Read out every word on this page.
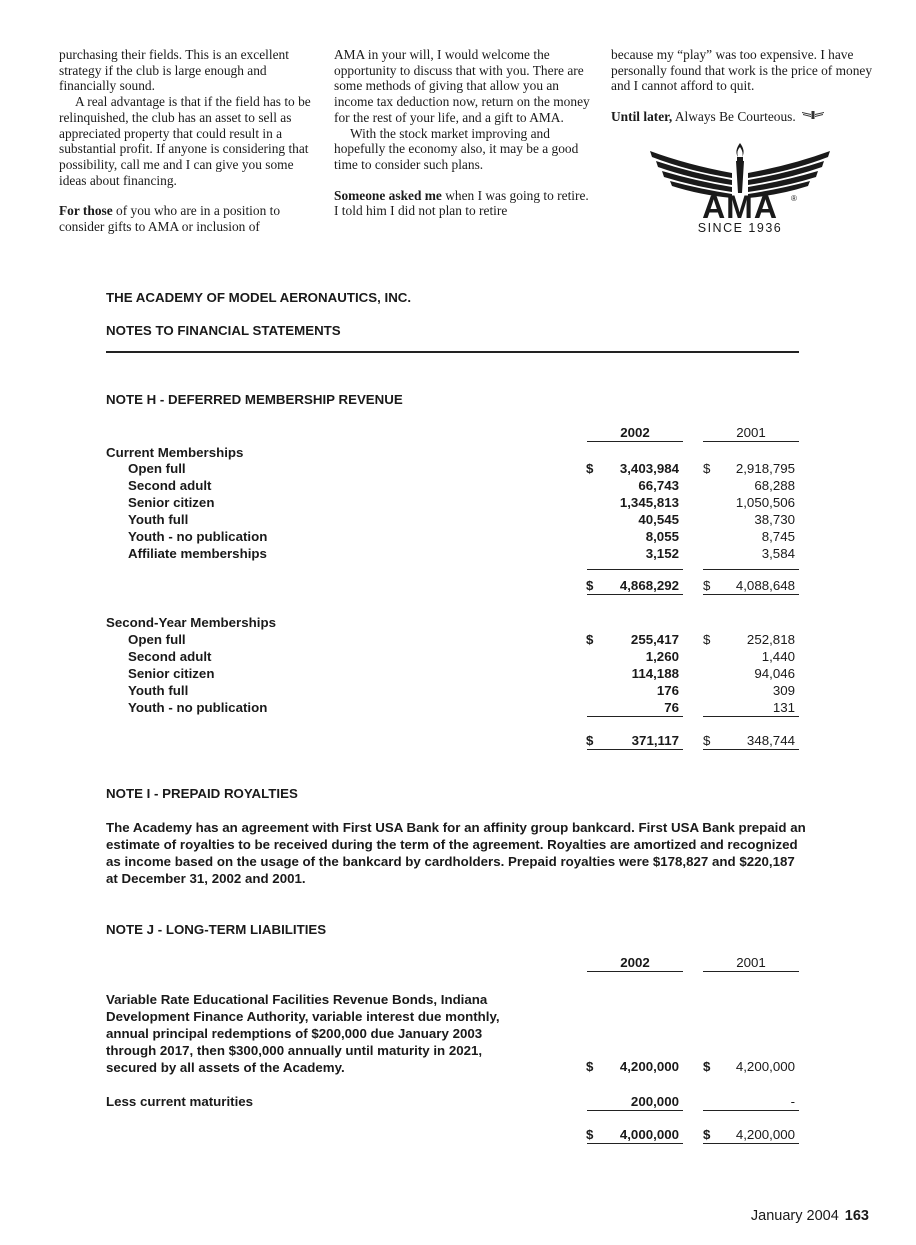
purchasing their fields. This is an excellent strategy if the club is large enough and financially sound.

A real advantage is that if the field has to be relinquished, the club has an asset to sell as appreciated property that could result in a substantial profit. If anyone is considering that possibility, call me and I can give you some ideas about financing.

For those of you who are in a position to consider gifts to AMA or inclusion of

AMA in your will, I would welcome the opportunity to discuss that with you. There are some methods of giving that allow you an income tax deduction now, return on the money for the rest of your life, and a gift to AMA.

With the stock market improving and hopefully the economy also, it may be a good time to consider such plans.

Someone asked me when I was going to retire. I told him I did not plan to retire

because my “play” was too expensive. I have personally found that work is the price of money and I cannot afford to quit.

Until later, Always Be Courteous.

AMA ®
SINCE 1936
THE ACADEMY OF MODEL AERONAUTICS, INC.
NOTES TO FINANCIAL STATEMENTS
NOTE H - DEFERRED MEMBERSHIP REVENUE
2002	2001
Current Memberships
Open full	$ 3,403,984 $ 2,918,795
Second adult	66,743	68,288
Senior citizen	1,345,813	1,050,506
Youth full	40,545	38,730
Youth - no publication	8,055	8,745
Affiliate memberships	3,152	3,584
$ 4,868,292 $ 4,088,648
Second-Year Memberships
Open full	$	255,417 $	252,818
Second adult	1,260	1,440
Senior citizen	114,188	94,046
Youth full	176	309
Youth - no publication	76	131
$	371,117 $	348,744
NOTE I - PREPAID ROYALTIES
The Academy has an agreement with First USA Bank for an affinity group bankcard. First USA Bank prepaid an estimate of royalties to be received during the term of the agreement. Royalties are amortized and recognized as income based on the usage of the bankcard by cardholders. Prepaid royalties were $178,827 and $220,187 at December 31, 2002 and 2001.
NOTE J - LONG-TERM LIABILITIES
2002	2001
Variable Rate Educational Facilities Revenue Bonds, Indiana
Development Finance Authority, variable interest due monthly,
annual principal redemptions of $200,000 due January 2003
through 2017, then $300,000 annually until maturity in 2021,
secured by all assets of the Academy.	$ 4,200,000 $ 4,200,000
Less current maturities	200,000	-
$ 4,000,000 $ 4,200,000
January 2004 163
